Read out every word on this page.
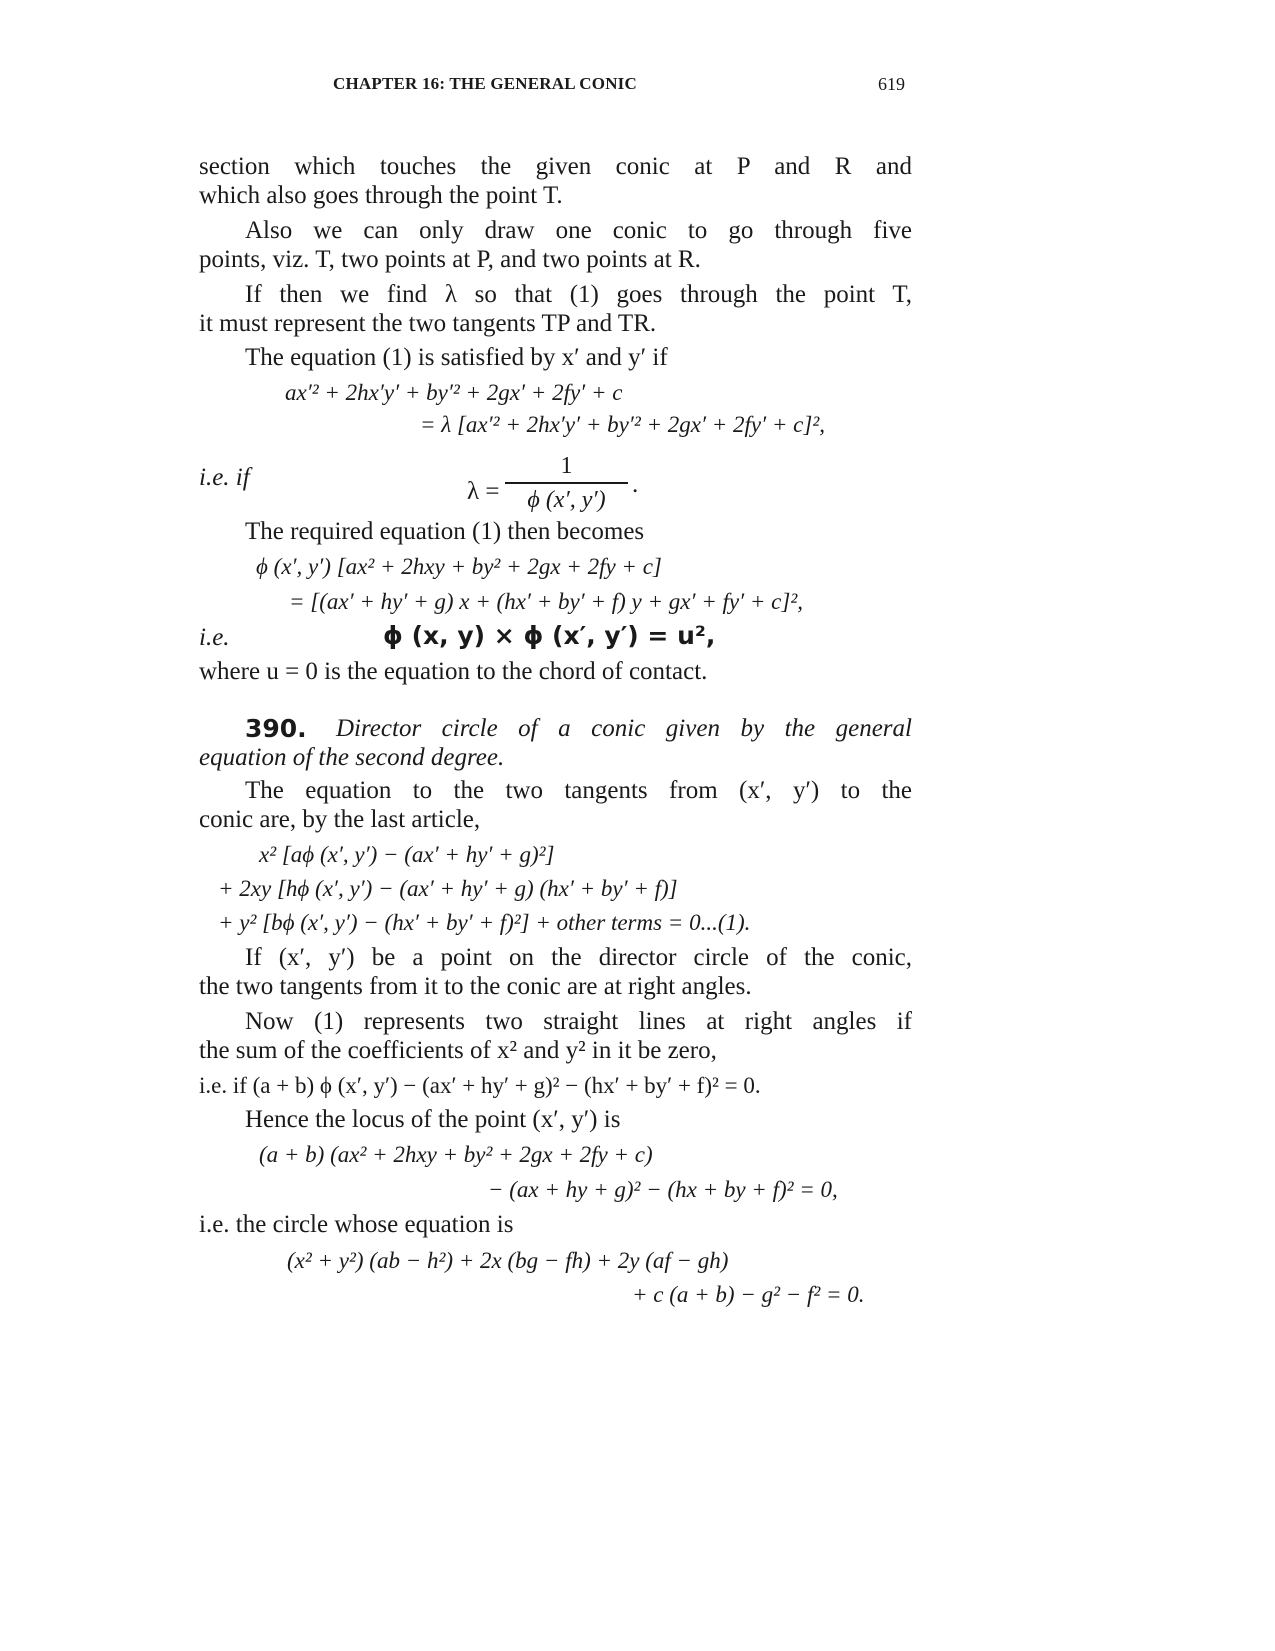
CHAPTER 16: THE GENERAL CONIC	619
section which touches the given conic at P and R and
which also goes through the point T.
Also we can only draw one conic to go through five
points, viz. T, two points at P, and two points at R.
If then we find λ so that (1) goes through the point T,
it must represent the two tangents TP and TR.
The equation (1) is satisfied by x′ and y′ if
ax′² + 2hx′y′ + by′² + 2gx′ + 2fy′ + c
= λ [ax′² + 2hx′y′ + by′² + 2gx′ + 2fy′ + c]²,
i.e. if
λ =
1
ϕ (x′, y′)
.
The required equation (1) then becomes
ϕ (x′, y′) [ax² + 2hxy + by² + 2gx + 2fy + c]
= [(ax′ + hy′ + g) x + (hx′ + by′ + f) y + gx′ + fy′ + c]²,
i.e.	ϕ (x, y) × ϕ (x′, y′) = u²,
where u = 0 is the equation to the chord of contact.
390. Director circle of a conic given by the general
equation of the second degree.
The equation to the two tangents from (x′, y′) to the
conic are, by the last article,
x² [aϕ (x′, y′) − (ax′ + hy′ + g)²]
+ 2xy [hϕ (x′, y′) − (ax′ + hy′ + g) (hx′ + by′ + f)]
+ y² [bϕ (x′, y′) − (hx′ + by′ + f)²] + other terms = 0...(1).
If (x′, y′) be a point on the director circle of the conic,
the two tangents from it to the conic are at right angles.
Now (1) represents two straight lines at right angles if
the sum of the coefficients of x² and y² in it be zero,
i.e. if (a + b) ϕ (x′, y′) − (ax′ + hy′ + g)² − (hx′ + by′ + f)² = 0.
Hence the locus of the point (x′, y′) is
(a + b) (ax² + 2hxy + by² + 2gx + 2fy + c)
− (ax + hy + g)² − (hx + by + f)² = 0,
i.e. the circle whose equation is
(x² + y²) (ab − h²) + 2x (bg − fh) + 2y (af − gh)
+ c (a + b) − g² − f² = 0.
